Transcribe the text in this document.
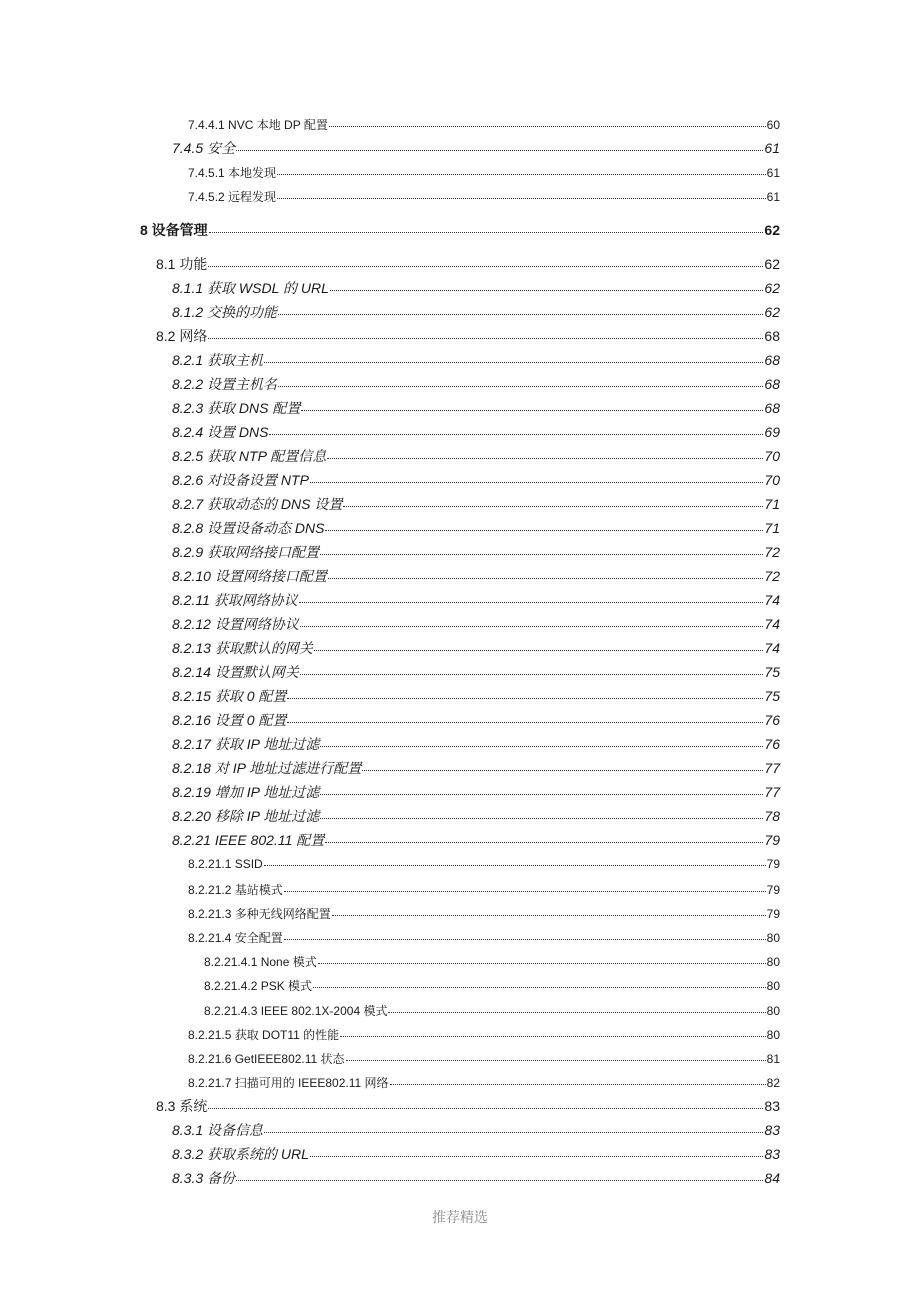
7.4.4.1 NVC 本地 DP 配置	60
7.4.5 安全	61
7.4.5.1 本地发现	61
7.4.5.2 远程发现	61
8 设备管理	62
8.1 功能	62
8.1.1 获取 WSDL 的 URL	62
8.1.2 交换的功能	62
8.2 网络	68
8.2.1 获取主机	68
8.2.2 设置主机名	68
8.2.3 获取 DNS 配置	68
8.2.4 设置 DNS	69
8.2.5 获取 NTP 配置信息	70
8.2.6 对设备设置 NTP	70
8.2.7 获取动态的 DNS 设置	71
8.2.8 设置设备动态 DNS	71
8.2.9 获取网络接口配置	72
8.2.10 设置网络接口配置	72
8.2.11 获取网络协议	74
8.2.12 设置网络协议	74
8.2.13 获取默认的网关	74
8.2.14 设置默认网关	75
8.2.15 获取 0 配置	75
8.2.16 设置 0 配置	76
8.2.17 获取 IP 地址过滤	76
8.2.18 对 IP 地址过滤进行配置	77
8.2.19 增加 IP 地址过滤	77
8.2.20 移除 IP 地址过滤	78
8.2.21 IEEE 802.11 配置	79
8.2.21.1 SSID	79
8.2.21.2 基站模式	79
8.2.21.3 多种无线网络配置	79
8.2.21.4 安全配置	80
8.2.21.4.1 None 模式	80
8.2.21.4.2 PSK 模式	80
8.2.21.4.3 IEEE 802.1X-2004 模式	80
8.2.21.5 获取 DOT11 的性能	80
8.2.21.6 GetIEEE802.11 状态	81
8.2.21.7 扫描可用的 IEEE802.11 网络	82
8.3 系统	83
8.3.1 设备信息	83
8.3.2 获取系统的 URL	83
8.3.3 备份	84
推荐精选
